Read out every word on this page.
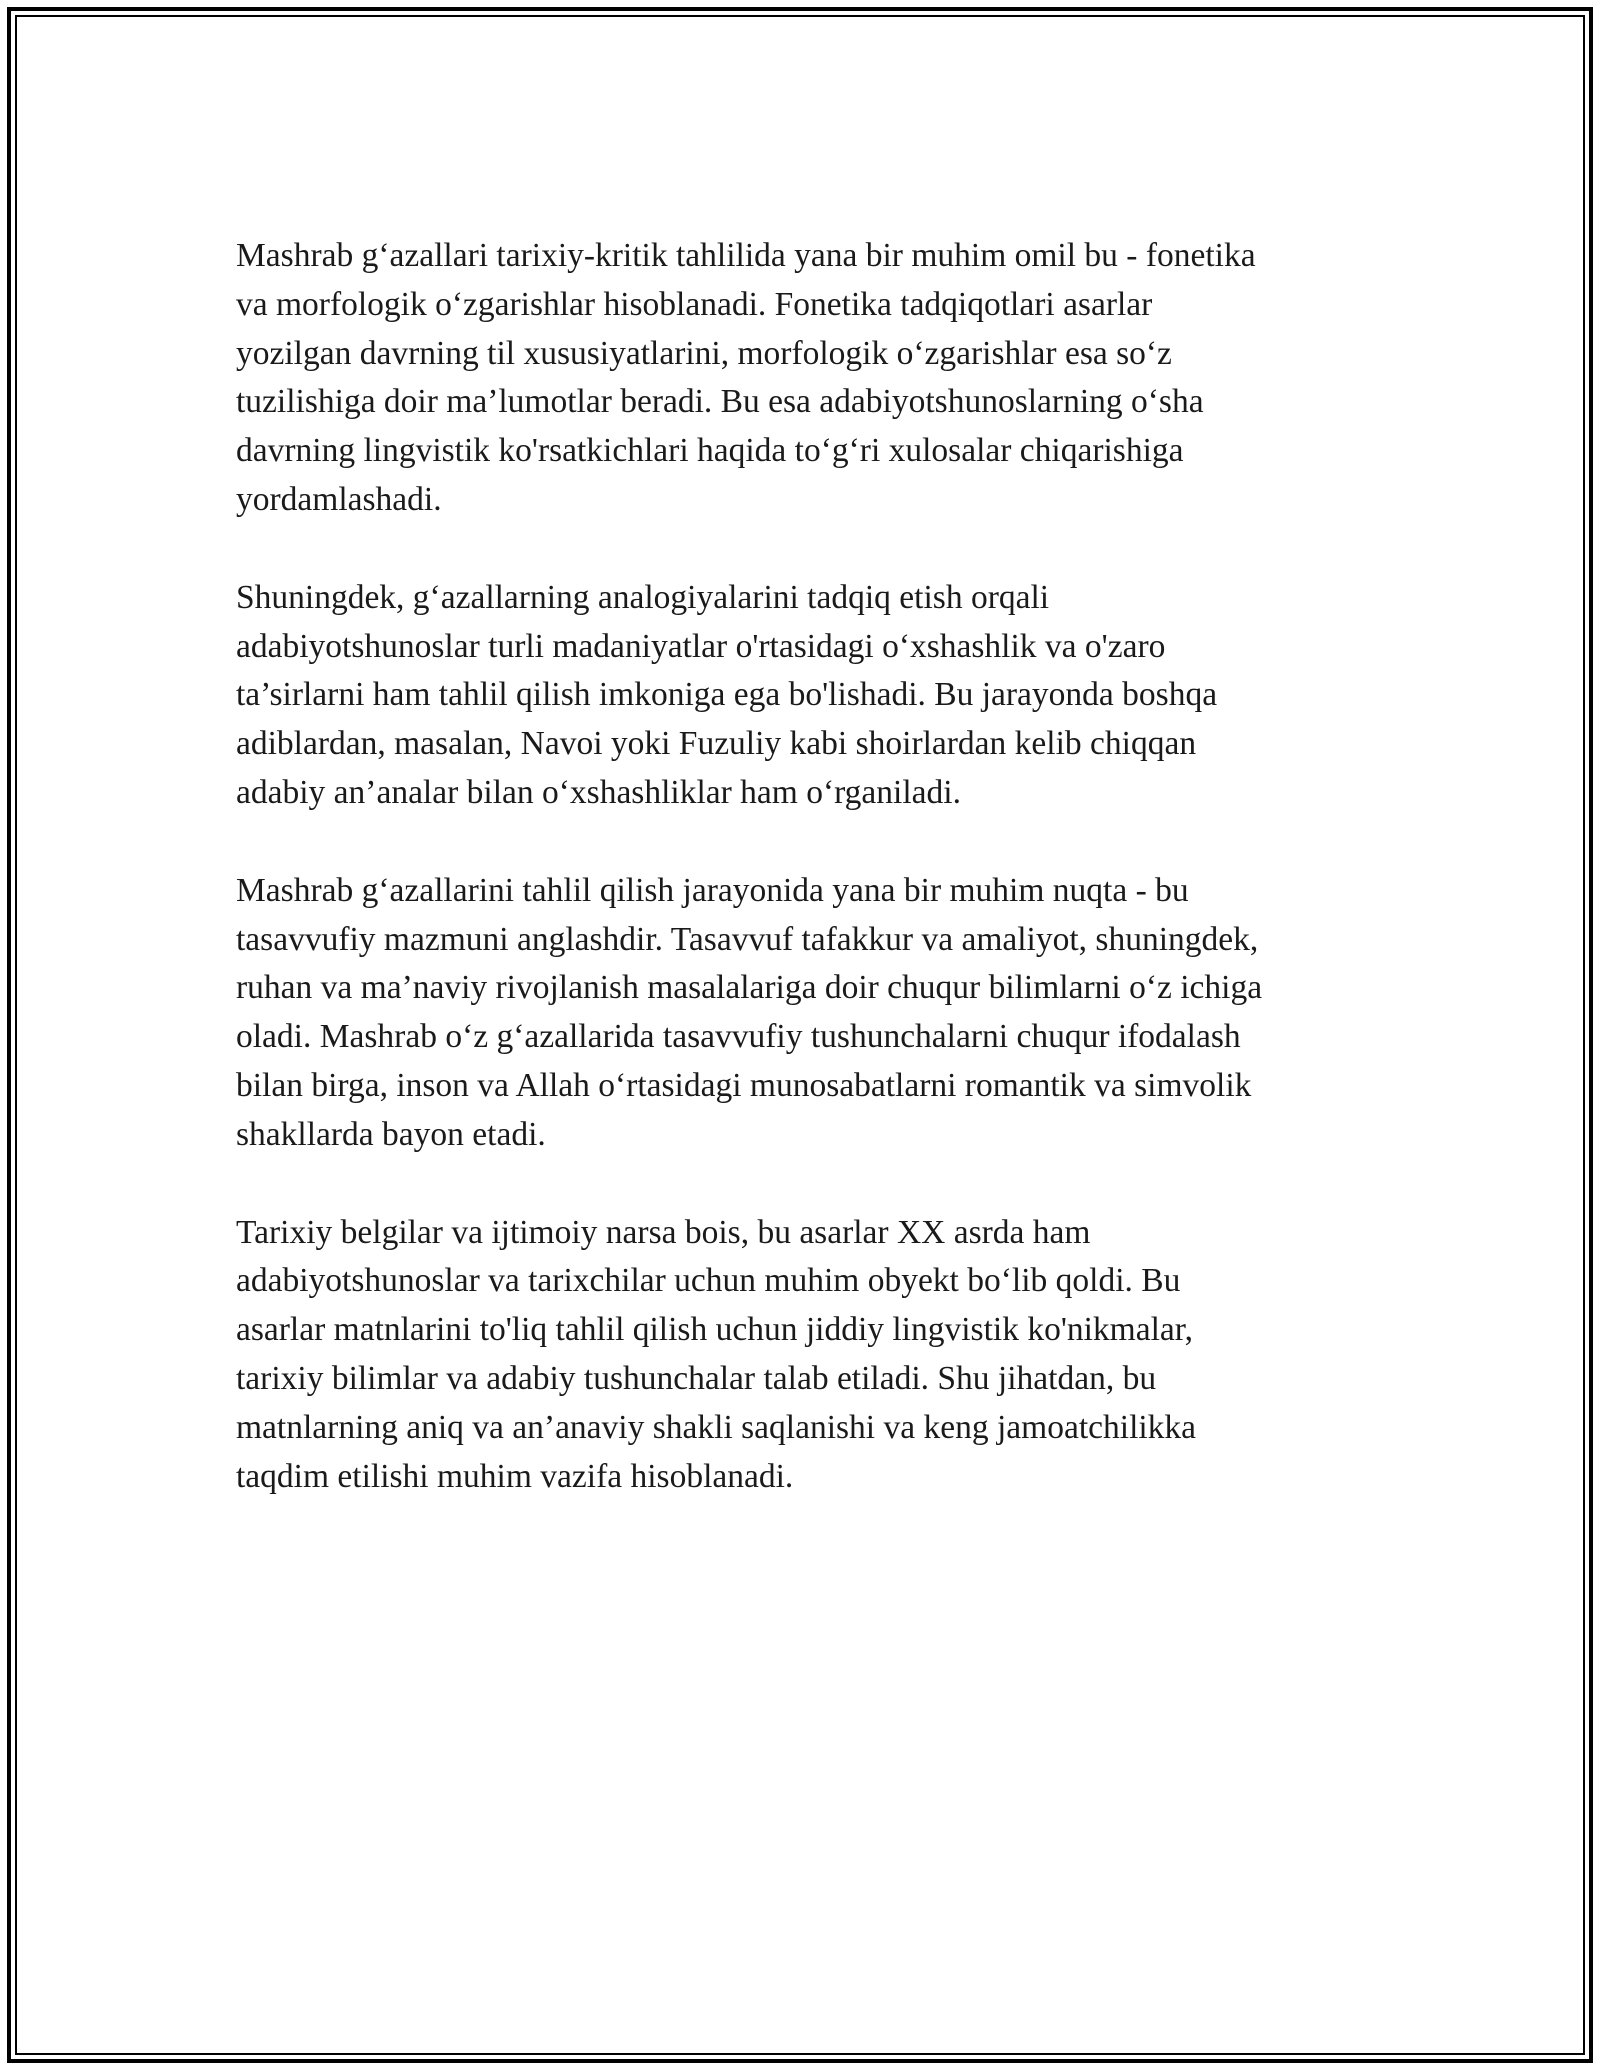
Mashrab g‘azallari tarixiy-kritik tahlilida yana bir muhim omil bu - fonetika
va morfologik o‘zgarishlar hisoblanadi. Fonetika tadqiqotlari asarlar
yozilgan davrning til xususiyatlarini, morfologik o‘zgarishlar esa so‘z
tuzilishiga doir ma’lumotlar beradi. Bu esa adabiyotshunoslarning o‘sha
davrning lingvistik ko'rsatkichlari haqida to‘g‘ri xulosalar chiqarishiga
yordamlashadi.

Shuningdek, g‘azallarning analogiyalarini tadqiq etish orqali
adabiyotshunoslar turli madaniyatlar o'rtasidagi o‘xshashlik va o'zaro
ta’sirlarni ham tahlil qilish imkoniga ega bo'lishadi. Bu jarayonda boshqa
adiblardan, masalan, Navoi yoki Fuzuliy kabi shoirlardan kelib chiqqan
adabiy an’analar bilan o‘xshashliklar ham o‘rganiladi.

Mashrab g‘azallarini tahlil qilish jarayonida yana bir muhim nuqta - bu
tasavvufiy mazmuni anglashdir. Tasavvuf tafakkur va amaliyot, shuningdek,
ruhan va ma’naviy rivojlanish masalalariga doir chuqur bilimlarni o‘z ichiga
oladi. Mashrab o‘z g‘azallarida tasavvufiy tushunchalarni chuqur ifodalash
bilan birga, inson va Allah o‘rtasidagi munosabatlarni romantik va simvolik
shakllarda bayon etadi.

Tarixiy belgilar va ijtimoiy narsa bois, bu asarlar XX asrda ham
adabiyotshunoslar va tarixchilar uchun muhim obyekt bo‘lib qoldi. Bu
asarlar matnlarini to'liq tahlil qilish uchun jiddiy lingvistik ko'nikmalar,
tarixiy bilimlar va adabiy tushunchalar talab etiladi. Shu jihatdan, bu
matnlarning aniq va an’anaviy shakli saqlanishi va keng jamoatchilikka
taqdim etilishi muhim vazifa hisoblanadi.
